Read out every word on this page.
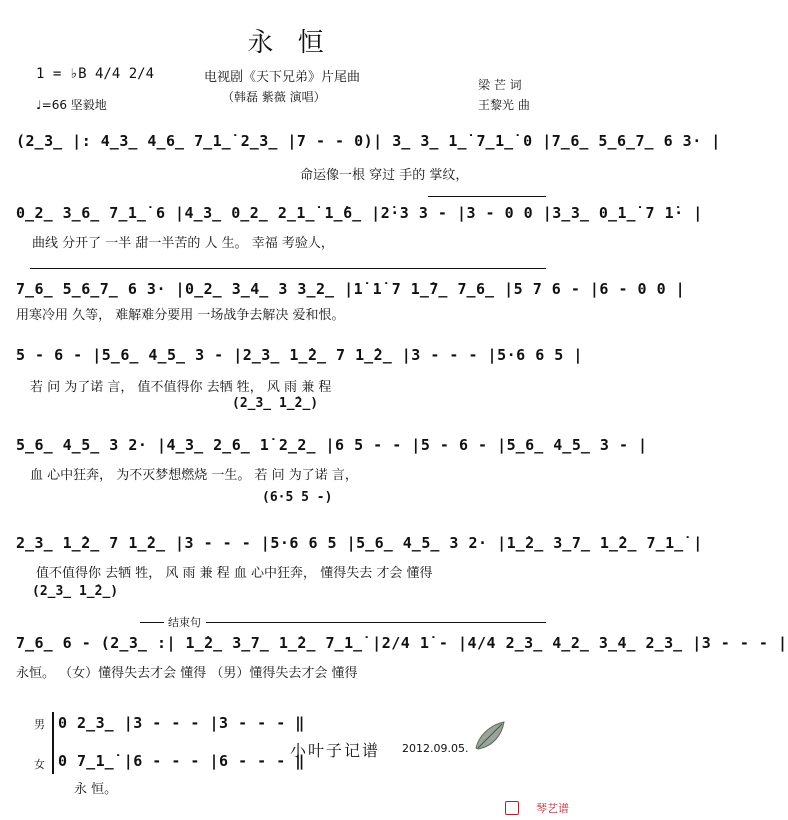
永 恒
1 = ♭B 4/4 2/4
♩=66 坚毅地
电视剧《天下兄弟》片尾曲
（韩磊 紫薇 演唱）
梁 芒 词
王黎光 曲
(2̲3̲ |: 4̲3̲ 4̲6̲ 7̲1̲̇ 2̲3̲ |7 - - 0)| 3̲ 3̲ 1̲̇ 7̲1̲̇ 0 |7̲6̲ 5̲6̲7̲ 6 3· |
命运像一根 穿过 手的 掌纹，
0̲2̲ 3̲6̲ 7̲1̲̇ 6 |4̲3̲ 0̲2̲ 2̲1̲̇ 1̲̇6̲ |2̇·3 3 - |3 - 0 0 |3̲3̲ 0̲1̲̇ 7 1̇· |
曲线 分开了 一半 甜一半苦的 人 生。 幸福 考验人，
7̲6̲ 5̲6̲7̲ 6 3· |0̲2̲ 3̲4̲ 3 3̲2̲ |1̇ 1̇ 7 1̲̇7̲ 7̲6̲ |5 7 6 - |6 - 0 0 |
用寒冷用 久等， 难解难分要用 一场战争去解决 爱和恨。
5 - 6 - |5̲6̲ 4̲5̲ 3 - |2̲3̲ 1̲̇2̲ 7 1̲̇2̲ |3 - - - |5·6 6 5 |
若 问 为了诺 言， 值不值得你 去牺 牲， 风 雨 兼 程
(2̲3̲ 1̲̇2̲)
5̲6̲ 4̲5̲ 3 2· |4̲3̲ 2̲6̲ 1̇ 2̲2̲ |6 5 - - |5 - 6 - |5̲6̲ 4̲5̲ 3 - |
血 心中狂奔， 为不灭梦想燃烧 一生。 若 问 为了诺 言，
(6·5 5 -)
2̲3̲ 1̲̇2̲ 7 1̲̇2̲ |3 - - - |5·6 6 5 |5̲6̲ 4̲5̲ 3 2· |1̲̇2̲ 3̲7̲ 1̲̇2̲ 7̲1̲̇ |
值不值得你 去牺 牲， 风 雨 兼 程 血 心中狂奔， 懂得失去 才会 懂得
(2̲3̲ 1̲̇2̲)
结束句
7̲6̲ 6 - (2̲3̲ :| 1̲̇2̲ 3̲7̲ 1̲̇2̲ 7̲1̲̇ |2/4 1̇ - |4/4 2̲3̲ 4̲2̲ 3̲4̲ 2̲3̲ |3 - - - |
永恒。 （女）懂得失去才会 懂得 （男）懂得失去才会 懂得
男
女
0 2̲3̲ |3 - - - |3 - - - ‖
0 7̲1̲̇ |6 - - - |6 - - - ‖
永 恒。
小叶子记谱 2012.09.05.
琴艺谱
